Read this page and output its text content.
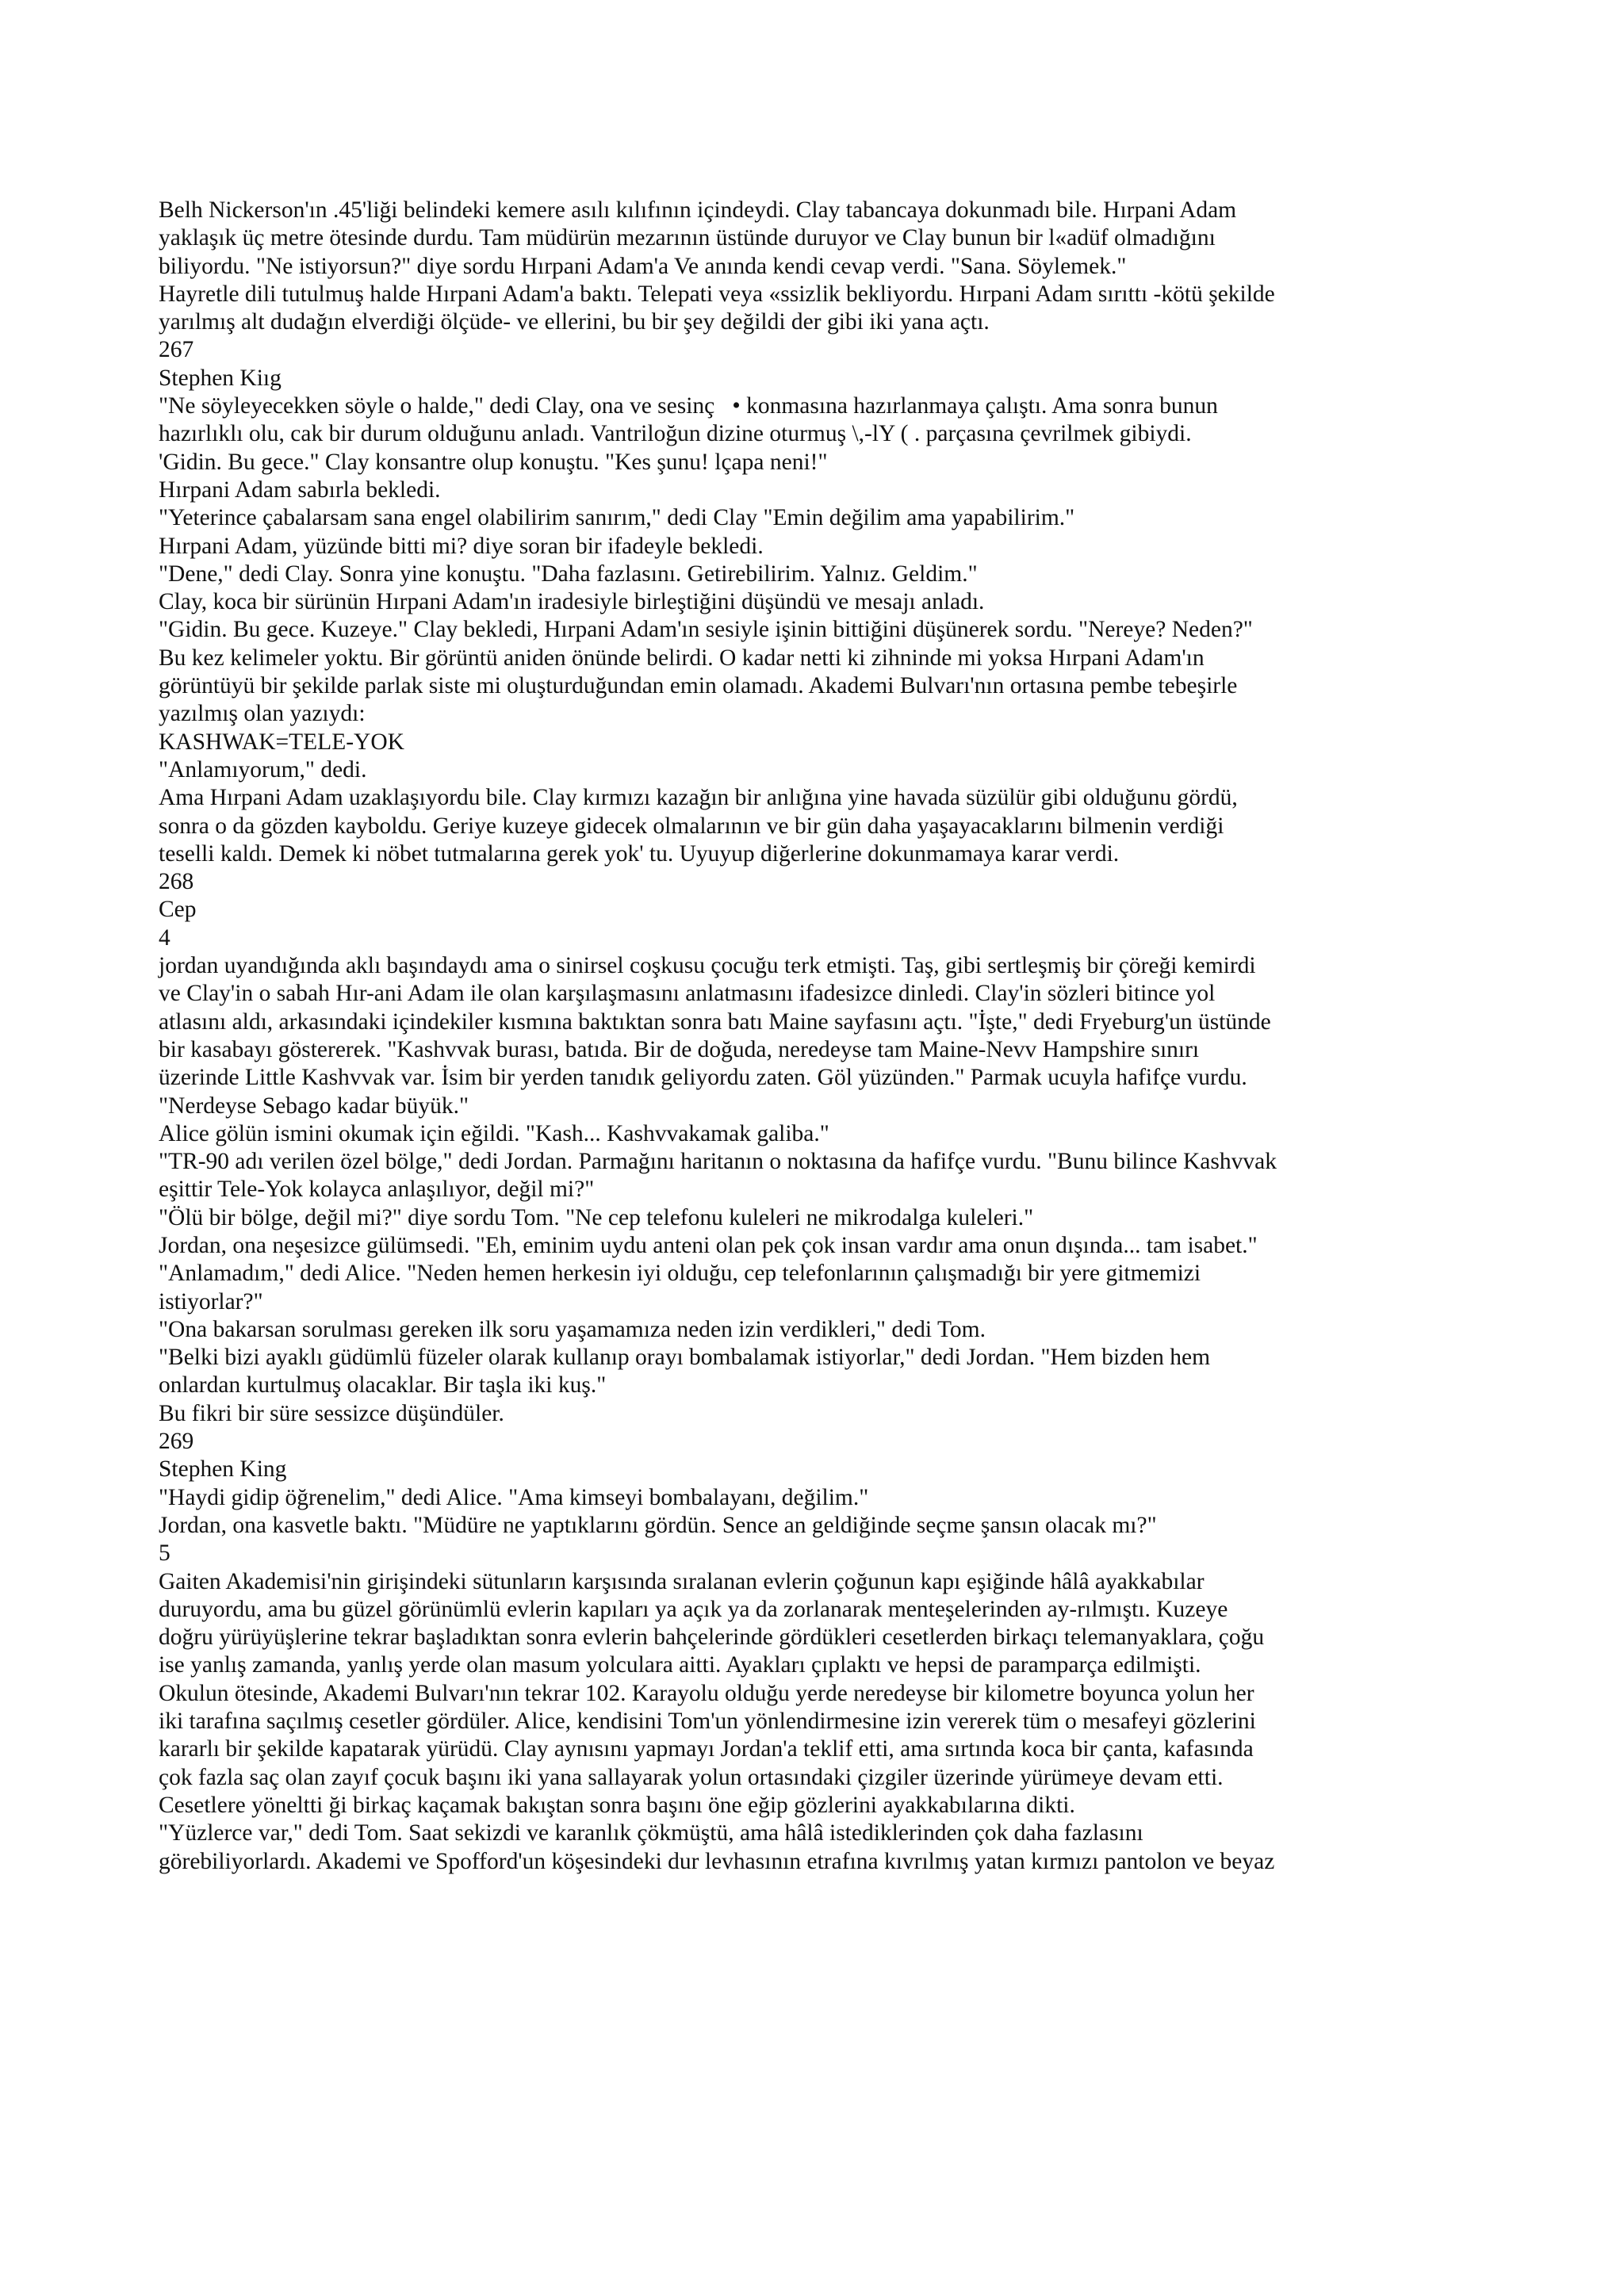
Belh Nickerson'ın .45'liği belindeki kemere asılı kılıfının içindeydi. Clay tabancaya dokunmadı bile. Hırpani Adam
yaklaşık üç metre ötesinde durdu. Tam müdürün mezarının üstünde duruyor ve Clay bunun bir l«adüf olmadığını
biliyordu. "Ne istiyorsun?" diye sordu Hırpani Adam'a Ve anında kendi cevap verdi. "Sana. Söylemek."
Hayretle dili tutulmuş halde Hırpani Adam'a baktı. Telepati veya «ssizlik bekliyordu. Hırpani Adam sırıttı -kötü şekilde
yarılmış alt dudağın elverdiği ölçüde- ve ellerini, bu bir şey değildi der gibi iki yana açtı.
267
Stephen Kiıg
"Ne söyleyecekken söyle o halde," dedi Clay, ona ve sesinç   • konmasına hazırlanmaya çalıştı. Ama sonra bunun
hazırlıklı olu, cak bir durum olduğunu anladı. Vantriloğun dizine oturmuş \,-lY ( . parçasına çevrilmek gibiydi.
'Gidin. Bu gece." Clay konsantre olup konuştu. "Kes şunu! lçapa neni!"
Hırpani Adam sabırla bekledi.
"Yeterince çabalarsam sana engel olabilirim sanırım," dedi Clay "Emin değilim ama yapabilirim."
Hırpani Adam, yüzünde bitti mi? diye soran bir ifadeyle bekledi.
"Dene," dedi Clay. Sonra yine konuştu. "Daha fazlasını. Getirebilirim. Yalnız. Geldim."
Clay, koca bir sürünün Hırpani Adam'ın iradesiyle birleştiğini düşündü ve mesajı anladı.
"Gidin. Bu gece. Kuzeye." Clay bekledi, Hırpani Adam'ın sesiyle işinin bittiğini düşünerek sordu. "Nereye? Neden?"
Bu kez kelimeler yoktu. Bir görüntü aniden önünde belirdi. O kadar netti ki zihninde mi yoksa Hırpani Adam'ın
görüntüyü bir şekilde parlak siste mi oluşturduğundan emin olamadı. Akademi Bulvarı'nın ortasına pembe tebeşirle
yazılmış olan yazıydı:
KASHWAK=TELE-YOK
"Anlamıyorum," dedi.
Ama Hırpani Adam uzaklaşıyordu bile. Clay kırmızı kazağın bir anlığına yine havada süzülür gibi olduğunu gördü,
sonra o da gözden kayboldu. Geriye kuzeye gidecek olmalarının ve bir gün daha yaşayacaklarını bilmenin verdiği
teselli kaldı. Demek ki nöbet tutmalarına gerek yok' tu. Uyuyup diğerlerine dokunmamaya karar verdi.
268
Cep
4
jordan uyandığında aklı başındaydı ama o sinirsel coşkusu çocuğu terk etmişti. Taş, gibi sertleşmiş bir çöreği kemirdi
ve Clay'in o sabah Hır-ani Adam ile olan karşılaşmasını anlatmasını ifadesizce dinledi. Clay'in sözleri bitince yol
atlasını aldı, arkasındaki içindekiler kısmına baktıktan sonra batı Maine sayfasını açtı. "İşte," dedi Fryeburg'un üstünde
bir kasabayı göstererek. "Kashvvak burası, batıda. Bir de doğuda, neredeyse tam Maine-Nevv Hampshire sınırı
üzerinde Little Kashvvak var. İsim bir yerden tanıdık geliyordu zaten. Göl yüzünden." Parmak ucuyla hafifçe vurdu.
"Nerdeyse Sebago kadar büyük."
Alice gölün ismini okumak için eğildi. "Kash... Kashvvakamak galiba."
"TR-90 adı verilen özel bölge," dedi Jordan. Parmağını haritanın o noktasına da hafifçe vurdu. "Bunu bilince Kashvvak
eşittir Tele-Yok kolayca anlaşılıyor, değil mi?"
"Ölü bir bölge, değil mi?" diye sordu Tom. "Ne cep telefonu kuleleri ne mikrodalga kuleleri."
Jordan, ona neşesizce gülümsedi. "Eh, eminim uydu anteni olan pek çok insan vardır ama onun dışında... tam isabet."
"Anlamadım," dedi Alice. "Neden hemen herkesin iyi olduğu, cep telefonlarının çalışmadığı bir yere gitmemizi
istiyorlar?"
"Ona bakarsan sorulması gereken ilk soru yaşamamıza neden izin verdikleri," dedi Tom.
"Belki bizi ayaklı güdümlü füzeler olarak kullanıp orayı bombalamak istiyorlar," dedi Jordan. "Hem bizden hem
onlardan kurtulmuş olacaklar. Bir taşla iki kuş."
Bu fikri bir süre sessizce düşündüler.
269
Stephen King
"Haydi gidip öğrenelim," dedi Alice. "Ama kimseyi bombalayanı, değilim."
Jordan, ona kasvetle baktı. "Müdüre ne yaptıklarını gördün. Sence an geldiğinde seçme şansın olacak mı?"
5
Gaiten Akademisi'nin girişindeki sütunların karşısında sıralanan evlerin çoğunun kapı eşiğinde hâlâ ayakkabılar
duruyordu, ama bu güzel görünümlü evlerin kapıları ya açık ya da zorlanarak menteşelerinden ay-rılmıştı. Kuzeye
doğru yürüyüşlerine tekrar başladıktan sonra evlerin bahçelerinde gördükleri cesetlerden birkaçı telemanyaklara, çoğu
ise yanlış zamanda, yanlış yerde olan masum yolculara aitti. Ayakları çıplaktı ve hepsi de paramparça edilmişti.
Okulun ötesinde, Akademi Bulvarı'nın tekrar 102. Karayolu olduğu yerde neredeyse bir kilometre boyunca yolun her
iki tarafına saçılmış cesetler gördüler. Alice, kendisini Tom'un yönlendirmesine izin vererek tüm o mesafeyi gözlerini
kararlı bir şekilde kapatarak yürüdü. Clay aynısını yapmayı Jordan'a teklif etti, ama sırtında koca bir çanta, kafasında
çok fazla saç olan zayıf çocuk başını iki yana sallayarak yolun ortasındaki çizgiler üzerinde yürümeye devam etti.
Cesetlere yöneltti ği birkaç kaçamak bakıştan sonra başını öne eğip gözlerini ayakkabılarına dikti.
"Yüzlerce var," dedi Tom. Saat sekizdi ve karanlık çökmüştü, ama hâlâ istediklerinden çok daha fazlasını
görebiliyorlardı. Akademi ve Spofford'un köşesindeki dur levhasının etrafına kıvrılmış yatan kırmızı pantolon ve beyaz
